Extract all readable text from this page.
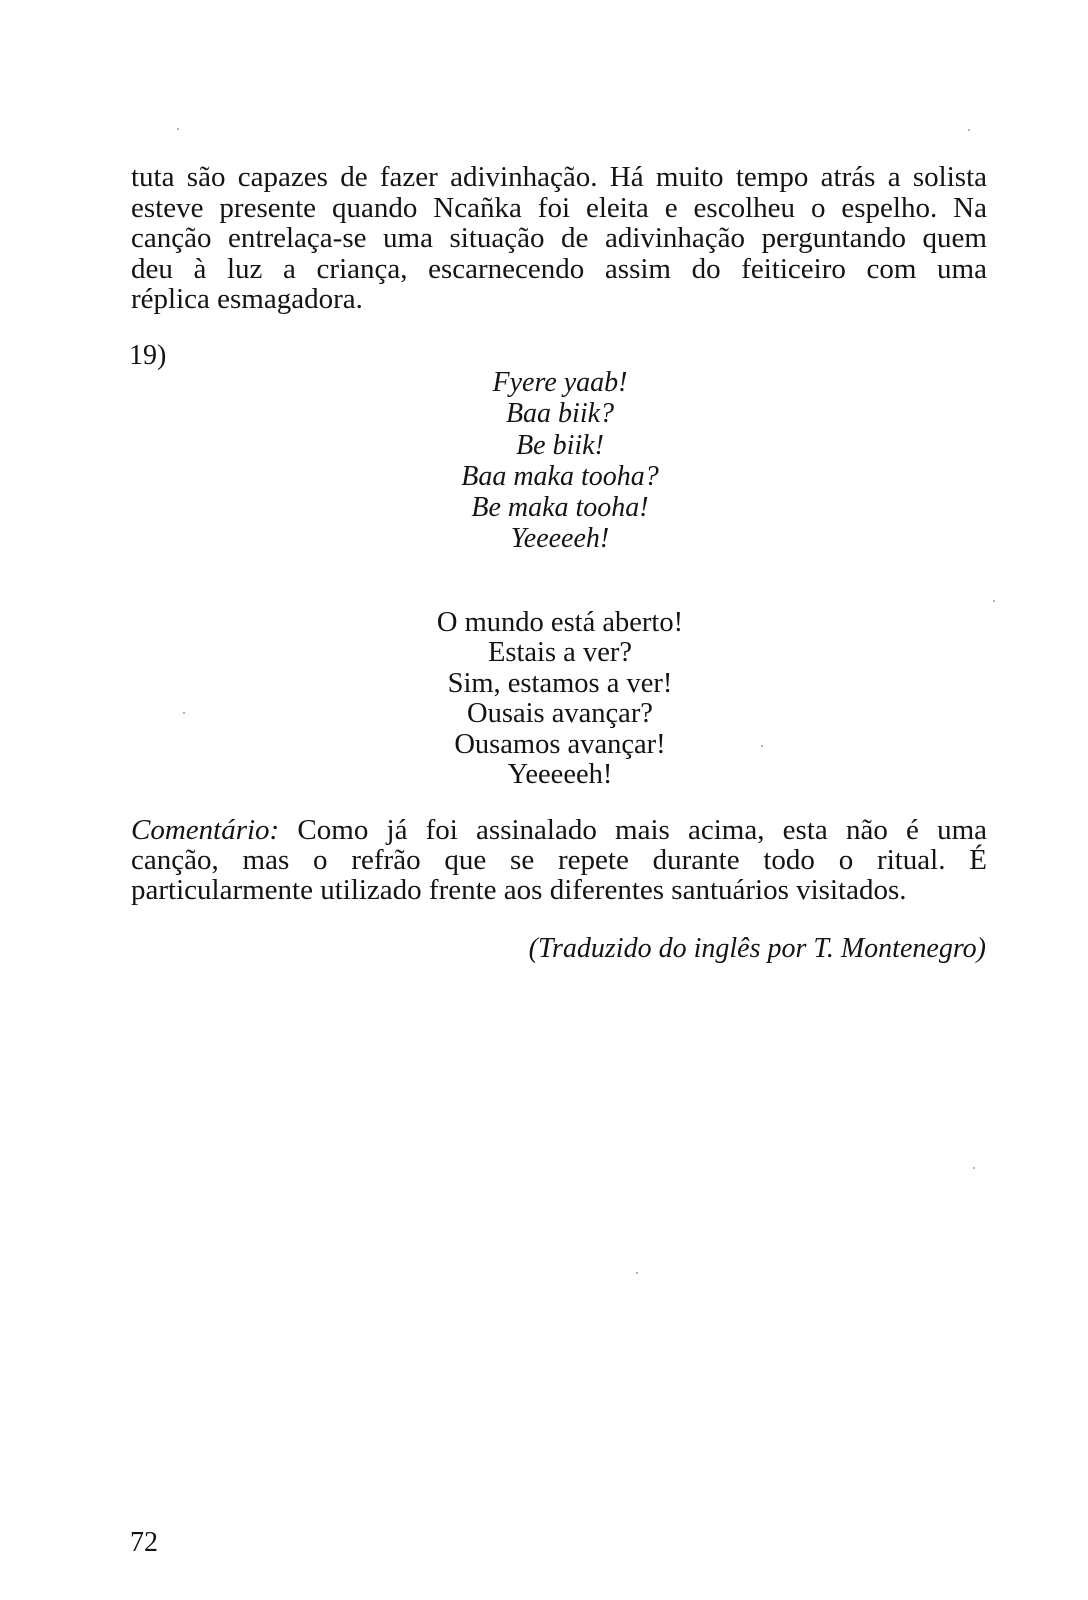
tuta são capazes de fazer adivinhação. Há muito tempo atrás a solista
esteve presente quando Ncañka foi eleita e escolheu o espelho. Na
canção entrelaça-se uma situação de adivinhação perguntando quem
deu à luz a criança, escarnecendo assim do feiticeiro com uma
réplica esmagadora.

19)

Fyere yaab!
Baa biik?
Be biik!
Baa maka tooha?
Be maka tooha!
Yeeeeeh!
O mundo está aberto!
Estais a ver?
Sim, estamos a ver!
Ousais avançar?
Ousamos avançar!
Yeeeeeh!

Comentário: Como já foi assinalado mais acima, esta não é uma
canção, mas o refrão que se repete durante todo o ritual. É
particularmente utilizado frente aos diferentes santuários visitados.

(Traduzido do inglês por T. Montenegro)

72
